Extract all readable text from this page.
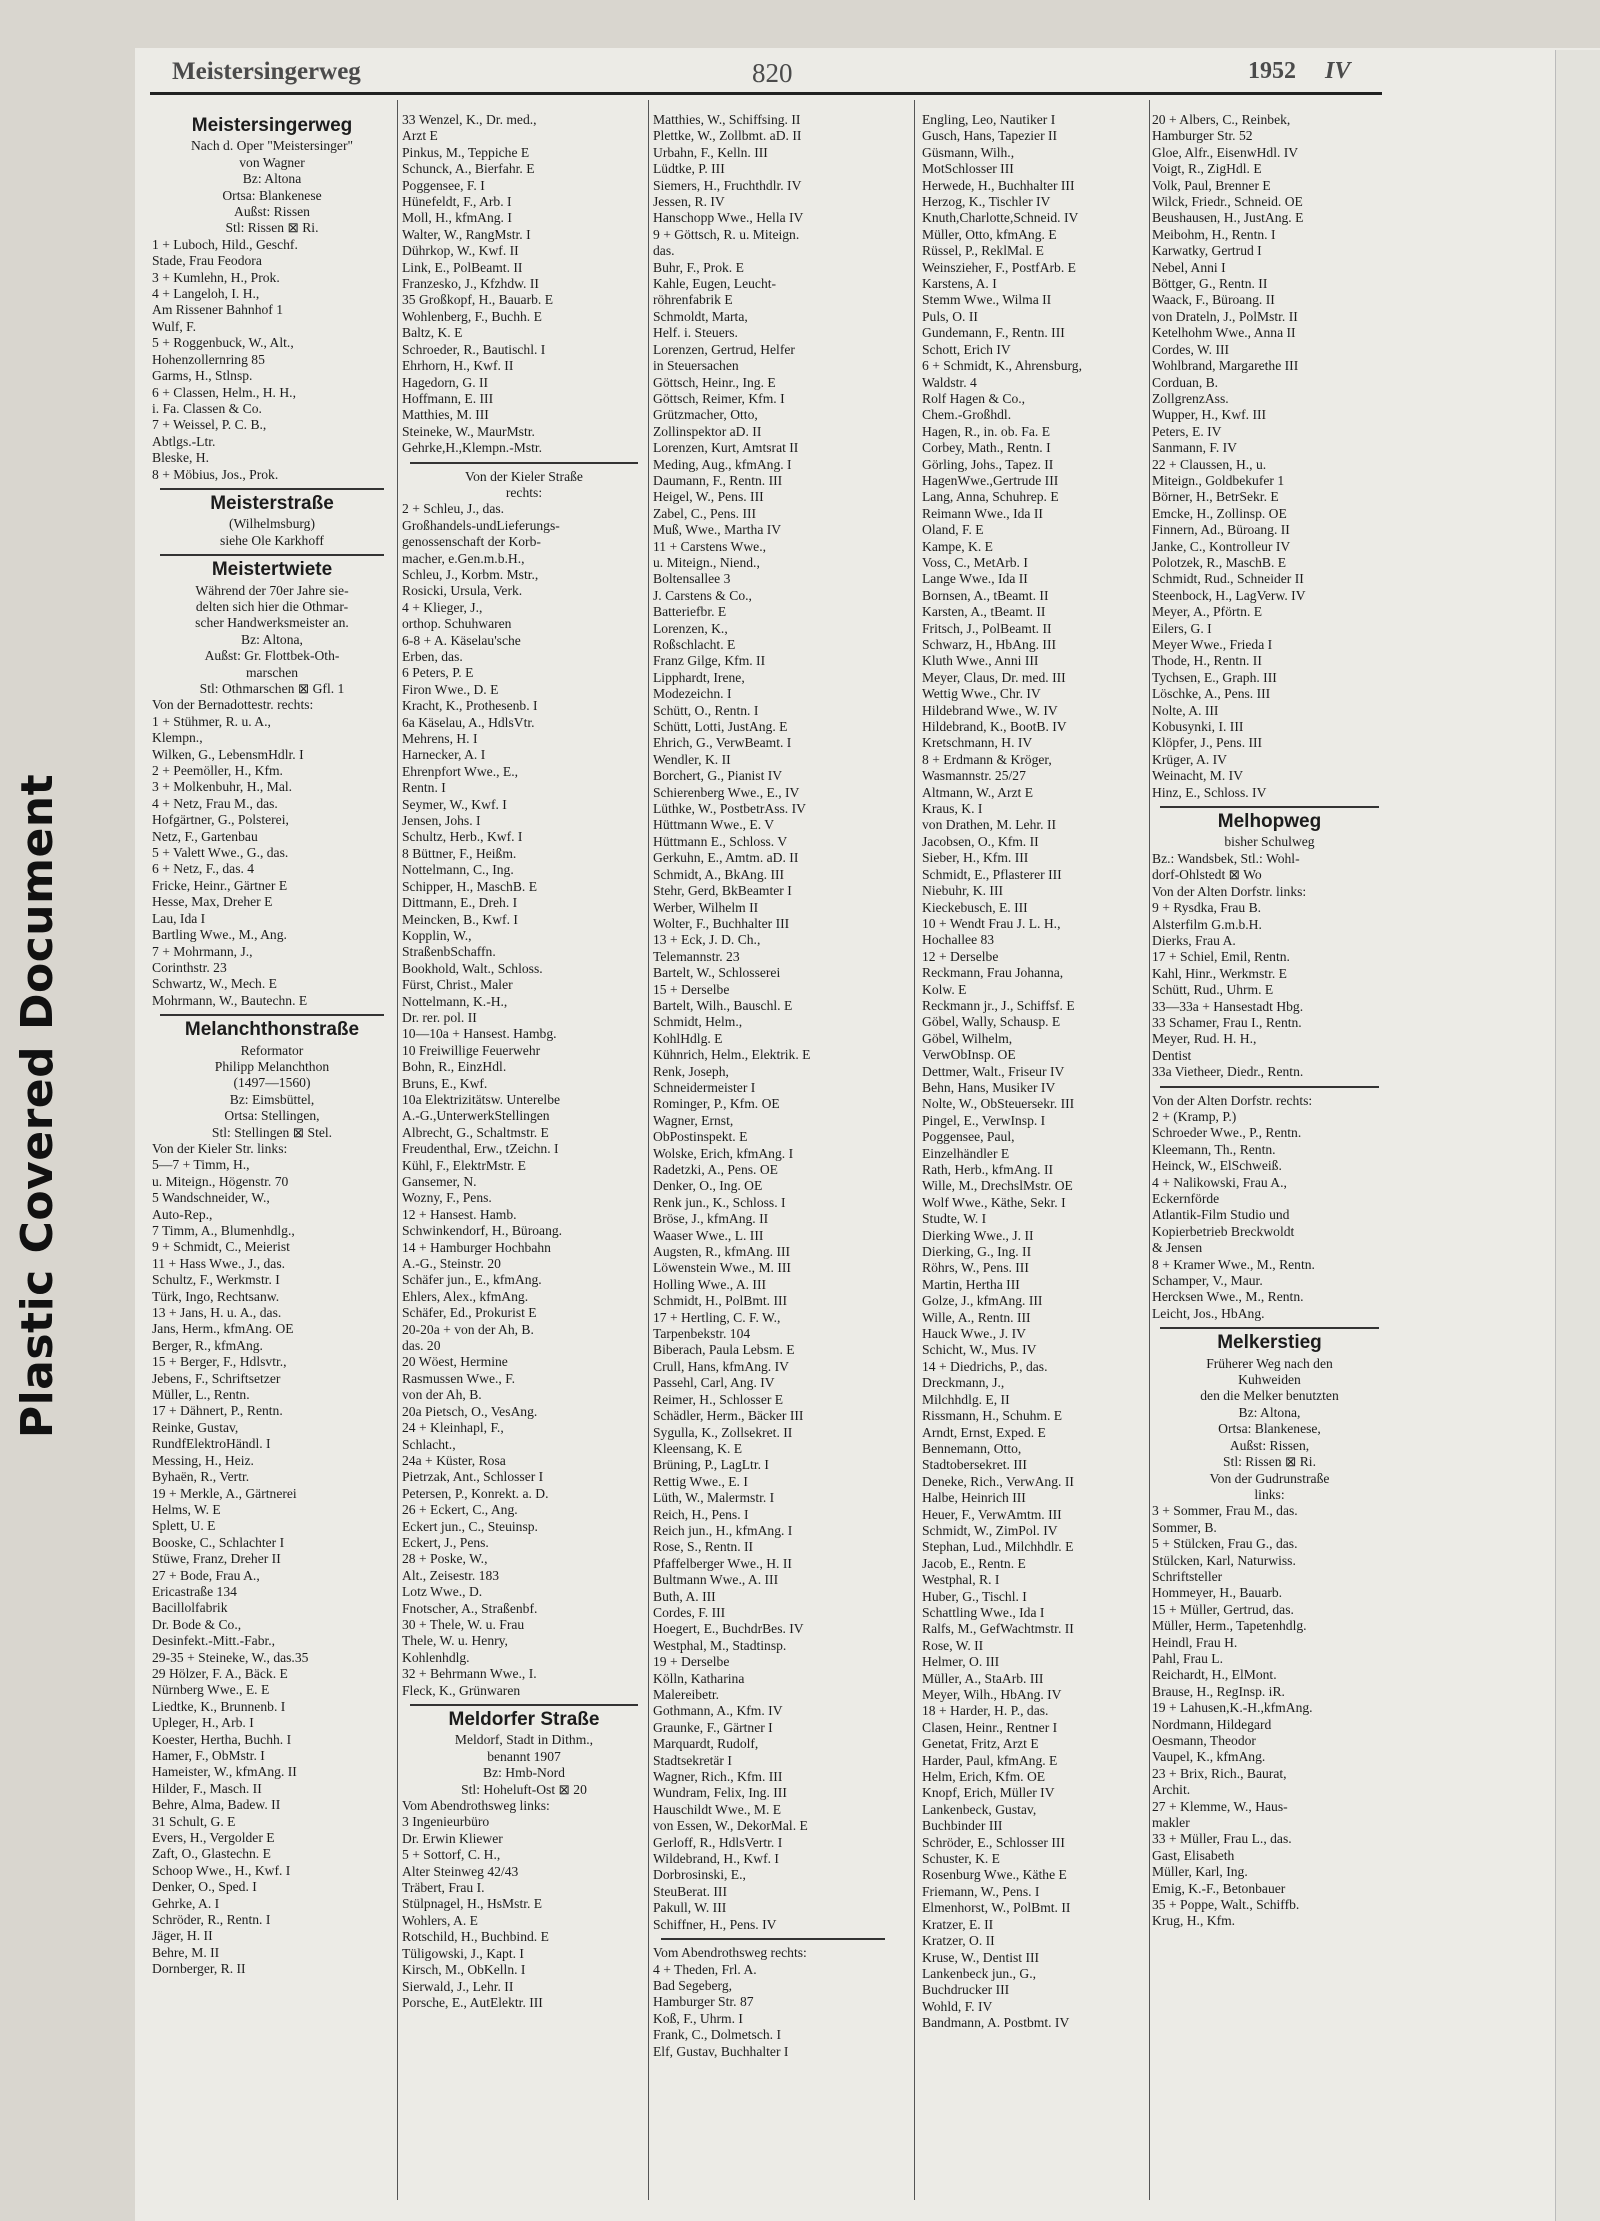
Plastic Covered Document
Meistersingerweg	820	1952 IV
Meistersingerweg
Nach d. Oper "Meistersinger"
von Wagner
Bz: Altona
Ortsa: Blankenese
Außst: Rissen
Stl: Rissen ⊠ Ri.
1 + Luboch, Hild., Geschf.
Stade, Frau Feodora
3 + Kumlehn, H., Prok.
4 + Langeloh, I. H.,
Am Rissener Bahnhof 1
Wulf, F.
5 + Roggenbuck, W., Alt.,
Hohenzollernring 85
Garms, H., Stlnsp.
6 + Classen, Helm., H. H.,
i. Fa. Classen & Co.
7 + Weissel, P. C. B.,
Abtlgs.-Ltr.
Bleske, H.
8 + Möbius, Jos., Prok.
Meisterstraße
(Wilhelmsburg)
siehe Ole Karkhoff
Meistertwiete
Während der 70er Jahre sie-
delten sich hier die Othmar-
scher Handwerksmeister an.
Bz: Altona,
Außst: Gr. Flottbek-Oth-
marschen
Stl: Othmarschen ⊠ Gfl. 1
Von der Bernadottestr. rechts:
1 + Stühmer, R. u. A.,
Klempn.,
Wilken, G., LebensmHdlr. I
2 + Peemöller, H., Kfm.
3 + Molkenbuhr, H., Mal.
4 + Netz, Frau M., das.
Hofgärtner, G., Polsterei,
Netz, F., Gartenbau
5 + Valett Wwe., G., das.
6 + Netz, F., das. 4
Fricke, Heinr., Gärtner E
Hesse, Max, Dreher E
Lau, Ida I
Bartling Wwe., M., Ang.
7 + Mohrmann, J.,
Corinthstr. 23
Schwartz, W., Mech. E
Mohrmann, W., Bautechn. E
Melanchthonstraße
Reformator
Philipp Melanchthon
(1497—1560)
Bz: Eimsbüttel,
Ortsa: Stellingen,
Stl: Stellingen ⊠ Stel.
Von der Kieler Str. links:
5—7 + Timm, H.,
u. Miteign., Högenstr. 70
5 Wandschneider, W.,
Auto-Rep.,
7 Timm, A., Blumenhdlg.,
9 + Schmidt, C., Meierist
11 + Hass Wwe., J., das.
Schultz, F., Werkmstr. I
Türk, Ingo, Rechtsanw.
13 + Jans, H. u. A., das.
Jans, Herm., kfmAng. OE
Berger, R., kfmAng.
15 + Berger, F., Hdlsvtr.,
Jebens, F., Schriftsetzer
Müller, L., Rentn.
17 + Dähnert, P., Rentn.
Reinke, Gustav,
RundfElektroHändl. I
Messing, H., Heiz.
Byhaën, R., Vertr.
19 + Merkle, A., Gärtnerei
Helms, W. E
Splett, U. E
Booske, C., Schlachter I
Stüwe, Franz, Dreher II
27 + Bode, Frau A.,
Ericastraße 134
Bacillolfabrik
Dr. Bode & Co.,
Desinfekt.-Mitt.-Fabr.,
29-35 + Steineke, W., das.35
29 Hölzer, F. A., Bäck. E
Nürnberg Wwe., E. E
Liedtke, K., Brunnenb. I
Upleger, H., Arb. I
Koester, Hertha, Buchh. I
Hamer, F., ObMstr. I
Hameister, W., kfmAng. II
Hilder, F., Masch. II
Behre, Alma, Badew. II
31 Schult, G. E
Evers, H., Vergolder E
Zaft, O., Glastechn. E
Schoop Wwe., H., Kwf. I
Denker, O., Sped. I
Gehrke, A. I
Schröder, R., Rentn. I
Jäger, H. II
Behre, M. II
Dornberger, R. II
33 Wenzel, K., Dr. med.,
Arzt E
Pinkus, M., Teppiche E
Schunck, A., Bierfahr. E
Poggensee, F. I
Hünefeldt, F., Arb. I
Moll, H., kfmAng. I
Walter, W., RangMstr. I
Dührkop, W., Kwf. II
Link, E., PolBeamt. II
Franzesko, J., Kfzhdw. II
35 Großkopf, H., Bauarb. E
Wohlenberg, F., Buchh. E
Baltz, K. E
Schroeder, R., Bautischl. I
Ehrhorn, H., Kwf. II
Hagedorn, G. II
Hoffmann, E. III
Matthies, M. III
Steineke, W., MaurMstr.
Gehrke,H.,Klempn.-Mstr.
Von der Kieler Straße
rechts:
2 + Schleu, J., das.
Großhandels-undLieferungs-
genossenschaft der Korb-
macher, e.Gen.m.b.H.,
Schleu, J., Korbm. Mstr.,
Rosicki, Ursula, Verk.
4 + Klieger, J.,
orthop. Schuhwaren
6-8 + A. Käselau'sche
Erben, das.
6 Peters, P. E
Firon Wwe., D. E
Kracht, K., Prothesenb. I
6a Käselau, A., HdlsVtr.
Mehrens, H. I
Harnecker, A. I
Ehrenpfort Wwe., E.,
Rentn. I
Seymer, W., Kwf. I
Jensen, Johs. I
Schultz, Herb., Kwf. I
8 Büttner, F., Heißm.
Nottelmann, C., Ing.
Schipper, H., MaschB. E
Dittmann, E., Dreh. I
Meincken, B., Kwf. I
Kopplin, W.,
StraßenbSchaffn.
Bookhold, Walt., Schloss.
Fürst, Christ., Maler
Nottelmann, K.-H.,
Dr. rer. pol. II
10—10a + Hansest. Hambg.
10 Freiwillige Feuerwehr
Bohn, R., EinzHdl.
Bruns, E., Kwf.
10a Elektrizitätsw. Unterelbe
A.-G.,UnterwerkStellingen
Albrecht, G., Schaltmstr. E
Freudenthal, Erw., tZeichn. I
Kühl, F., ElektrMstr. E
Gansemer, N.
Wozny, F., Pens.
12 + Hansest. Hamb.
Schwinkendorf, H., Büroang.
14 + Hamburger Hochbahn
A.-G., Steinstr. 20
Schäfer jun., E., kfmAng.
Ehlers, Alex., kfmAng.
Schäfer, Ed., Prokurist E
20-20a + von der Ah, B.
das. 20
20 Wöest, Hermine
Rasmussen Wwe., F.
von der Ah, B.
20a Pietsch, O., VesAng.
24 + Kleinhapl, F.,
Schlacht.,
24a + Küster, Rosa
Pietrzak, Ant., Schlosser I
Petersen, P., Konrekt. a. D.
26 + Eckert, C., Ang.
Eckert jun., C., Steuinsp.
Eckert, J., Pens.
28 + Poske, W.,
Alt., Zeisestr. 183
Lotz Wwe., D.
Fnotscher, A., Straßenbf.
30 + Thele, W. u. Frau
Thele, W. u. Henry,
Kohlenhdlg.
32 + Behrmann Wwe., I.
Fleck, K., Grünwaren
Meldorfer Straße
Meldorf, Stadt in Dithm.,
benannt 1907
Bz: Hmb-Nord
Stl: Hoheluft-Ost ⊠ 20
Vom Abendrothsweg links:
3 Ingenieurbüro
Dr. Erwin Kliewer
5 + Sottorf, C. H.,
Alter Steinweg 42/43
Träbert, Frau I.
Stülpnagel, H., HsMstr. E
Wohlers, A. E
Rotschild, H., Buchbind. E
Tüligowski, J., Kapt. I
Kirsch, M., ObKelln. I
Sierwald, J., Lehr. II
Porsche, E., AutElektr. III
Matthies, W., Schiffsing. II
Plettke, W., Zollbmt. aD. II
Urbahn, F., Kelln. III
Lüdtke, P. III
Siemers, H., Fruchthdlr. IV
Jessen, R. IV
Hanschopp Wwe., Hella IV
9 + Göttsch, R. u. Miteign.
das.
Buhr, F., Prok. E
Kahle, Eugen, Leucht-
röhrenfabrik E
Schmoldt, Marta,
Helf. i. Steuers.
Lorenzen, Gertrud, Helfer
in Steuersachen
Göttsch, Heinr., Ing. E
Göttsch, Reimer, Kfm. I
Grützmacher, Otto,
Zollinspektor aD. II
Lorenzen, Kurt, Amtsrat II
Meding, Aug., kfmAng. I
Daumann, F., Rentn. III
Heigel, W., Pens. III
Zabel, C., Pens. III
Muß, Wwe., Martha IV
11 + Carstens Wwe.,
u. Miteign., Niend.,
Boltensallee 3
J. Carstens & Co.,
Batteriefbr. E
Lorenzen, K.,
Roßschlacht. E
Franz Gilge, Kfm. II
Lipphardt, Irene,
Modezeichn. I
Schütt, O., Rentn. I
Schütt, Lotti, JustAng. E
Ehrich, G., VerwBeamt. I
Wendler, K. II
Borchert, G., Pianist IV
Schierenberg Wwe., E., IV
Lüthke, W., PostbetrAss. IV
Hüttmann Wwe., E. V
Hüttmann E., Schloss. V
Gerkuhn, E., Amtm. aD. II
Schmidt, A., BkAng. III
Stehr, Gerd, BkBeamter I
Werber, Wilhelm II
Wolter, F., Buchhalter III
13 + Eck, J. D. Ch.,
Telemannstr. 23
Bartelt, W., Schlosserei
15 + Derselbe
Bartelt, Wilh., Bauschl. E
Schmidt, Helm.,
KohlHdlg. E
Kühnrich, Helm., Elektrik. E
Renk, Joseph,
Schneidermeister I
Rominger, P., Kfm. OE
Wagner, Ernst,
ObPostinspekt. E
Wolske, Erich, kfmAng. I
Radetzki, A., Pens. OE
Denker, O., Ing. OE
Renk jun., K., Schloss. I
Bröse, J., kfmAng. II
Waaser Wwe., L. III
Augsten, R., kfmAng. III
Löwenstein Wwe., M. III
Holling Wwe., A. III
Schmidt, H., PolBmt. III
17 + Hertling, C. F. W.,
Tarpenbekstr. 104
Biberach, Paula Lebsm. E
Crull, Hans, kfmAng. IV
Passehl, Carl, Ang. IV
Reimer, H., Schlosser E
Schädler, Herm., Bäcker III
Sygulla, K., Zollsekret. II
Kleensang, K. E
Brüning, P., LagLtr. I
Rettig Wwe., E. I
Lüth, W., Malermstr. I
Reich, H., Pens. I
Reich jun., H., kfmAng. I
Rose, S., Rentn. II
Pfaffelberger Wwe., H. II
Bultmann Wwe., A. III
Buth, A. III
Cordes, F. III
Hoegert, E., BuchdrBes. IV
Westphal, M., Stadtinsp.
19 + Derselbe
Kölln, Katharina
Malereibetr.
Gothmann, A., Kfm. IV
Graunke, F., Gärtner I
Marquardt, Rudolf,
Stadtsekretär I
Wagner, Rich., Kfm. III
Wundram, Felix, Ing. III
Hauschildt Wwe., M. E
von Essen, W., DekorMal. E
Gerloff, R., HdlsVertr. I
Wildebrand, H., Kwf. I
Dorbrosinski, E.,
SteuBerat. III
Pakull, W. III
Schiffner, H., Pens. IV
Vom Abendrothsweg rechts:
4 + Theden, Frl. A.
Bad Segeberg,
Hamburger Str. 87
Koß, F., Uhrm. I
Frank, C., Dolmetsch. I
Elf, Gustav, Buchhalter I
Engling, Leo, Nautiker I
Gusch, Hans, Tapezier II
Güsmann, Wilh.,
MotSchlosser III
Herwede, H., Buchhalter III
Herzog, K., Tischler IV
Knuth,Charlotte,Schneid. IV
Müller, Otto, kfmAng. E
Rüssel, P., ReklMal. E
Weinszieher, F., PostfArb. E
Karstens, A. I
Stemm Wwe., Wilma II
Puls, O. II
Gundemann, F., Rentn. III
Schott, Erich IV
6 + Schmidt, K., Ahrensburg,
Waldstr. 4
Rolf Hagen & Co.,
Chem.-Großhdl.
Hagen, R., in. ob. Fa. E
Corbey, Math., Rentn. I
Görling, Johs., Tapez. II
HagenWwe.,Gertrude III
Lang, Anna, Schuhrep. E
Reimann Wwe., Ida II
Oland, F. E
Kampe, K. E
Voss, C., MetArb. I
Lange Wwe., Ida II
Bornsen, A., tBeamt. II
Karsten, A., tBeamt. II
Fritsch, J., PolBeamt. II
Schwarz, H., HbAng. III
Kluth Wwe., Anni III
Meyer, Claus, Dr. med. III
Wettig Wwe., Chr. IV
Hildebrand Wwe., W. IV
Hildebrand, K., BootB. IV
Kretschmann, H. IV
8 + Erdmann & Kröger,
Wasmannstr. 25/27
Altmann, W., Arzt E
Kraus, K. I
von Drathen, M. Lehr. II
Jacobsen, O., Kfm. II
Sieber, H., Kfm. III
Schmidt, E., Pflasterer III
Niebuhr, K. III
Kieckebusch, E. III
10 + Wendt Frau J. L. H.,
Hochallee 83
12 + Derselbe
Reckmann, Frau Johanna,
Kolw. E
Reckmann jr., J., Schiffsf. E
Göbel, Wally, Schausp. E
Göbel, Wilhelm,
VerwObInsp. OE
Dettmer, Walt., Friseur IV
Behn, Hans, Musiker IV
Nolte, W., ObSteuersekr. III
Pingel, E., VerwInsp. I
Poggensee, Paul,
Einzelhändler E
Rath, Herb., kfmAng. II
Wille, M., DrechslMstr. OE
Wolf Wwe., Käthe, Sekr. I
Studte, W. I
Dierking Wwe., J. II
Dierking, G., Ing. II
Röhrs, W., Pens. III
Martin, Hertha III
Golze, J., kfmAng. III
Wille, A., Rentn. III
Hauck Wwe., J. IV
Schicht, W., Mus. IV
14 + Diedrichs, P., das.
Dreckmann, J.,
Milchhdlg. E, II
Rissmann, H., Schuhm. E
Arndt, Ernst, Exped. E
Bennemann, Otto,
Stadtobersekret. III
Deneke, Rich., VerwAng. II
Halbe, Heinrich III
Heuer, F., VerwAmtm. III
Schmidt, W., ZimPol. IV
Stephan, Lud., Milchhdlr. E
Jacob, E., Rentn. E
Westphal, R. I
Huber, G., Tischl. I
Schattling Wwe., Ida I
Ralfs, M., GefWachtmstr. II
Rose, W. II
Helmer, O. III
Müller, A., StaArb. III
Meyer, Wilh., HbAng. IV
18 + Harder, H. P., das.
Clasen, Heinr., Rentner I
Genetat, Fritz, Arzt E
Harder, Paul, kfmAng. E
Helm, Erich, Kfm. OE
Knopf, Erich, Müller IV
Lankenbeck, Gustav,
Buchbinder III
Schröder, E., Schlosser III
Schuster, K. E
Rosenburg Wwe., Käthe E
Friemann, W., Pens. I
Elmenhorst, W., PolBmt. II
Kratzer, E. II
Kratzer, O. II
Kruse, W., Dentist III
Lankenbeck jun., G.,
Buchdrucker III
Wohld, F. IV
Bandmann, A. Postbmt. IV
20 + Albers, C., Reinbek,
Hamburger Str. 52
Gloe, Alfr., EisenwHdl. IV
Voigt, R., ZigHdl. E
Volk, Paul, Brenner E
Wilck, Friedr., Schneid. OE
Beushausen, H., JustAng. E
Meibohm, H., Rentn. I
Karwatky, Gertrud I
Nebel, Anni I
Böttger, G., Rentn. II
Waack, F., Büroang. II
von Drateln, J., PolMstr. II
Ketelhohm Wwe., Anna II
Cordes, W. III
Wohlbrand, Margarethe III
Corduan, B.
ZollgrenzAss.
Wupper, H., Kwf. III
Peters, E. IV
Sanmann, F. IV
22 + Claussen, H., u.
Miteign., Goldbekufer 1
Börner, H., BetrSekr. E
Emcke, H., Zollinsp. OE
Finnern, Ad., Büroang. II
Janke, C., Kontrolleur IV
Polotzek, R., MaschB. E
Schmidt, Rud., Schneider II
Steenbock, H., LagVerw. IV
Meyer, A., Pförtn. E
Eilers, G. I
Meyer Wwe., Frieda I
Thode, H., Rentn. II
Tychsen, E., Graph. III
Löschke, A., Pens. III
Nolte, A. III
Kobusynki, I. III
Klöpfer, J., Pens. III
Krüger, A. IV
Weinacht, M. IV
Hinz, E., Schloss. IV
Melhopweg
bisher Schulweg
Bz.: Wandsbek, Stl.: Wohl-
dorf-Ohlstedt ⊠ Wo
Von der Alten Dorfstr. links:
9 + Rysdka, Frau B.
Alsterfilm G.m.b.H.
Dierks, Frau A.
17 + Schiel, Emil, Rentn.
Kahl, Hinr., Werkmstr. E
Schütt, Rud., Uhrm. E
33—33a + Hansestadt Hbg.
33 Schamer, Frau I., Rentn.
Meyer, Rud. H. H.,
Dentist
33a Vietheer, Diedr., Rentn.
Von der Alten Dorfstr. rechts:
2 + (Kramp, P.)
Schroeder Wwe., P., Rentn.
Kleemann, Th., Rentn.
Heinck, W., ElSchweiß.
4 + Nalikowski, Frau A.,
Eckernförde
Atlantik-Film Studio und
Kopierbetrieb Breckwoldt
& Jensen
8 + Kramer Wwe., M., Rentn.
Schamper, V., Maur.
Hercksen Wwe., M., Rentn.
Leicht, Jos., HbAng.
Melkerstieg
Früherer Weg nach den
Kuhweiden
den die Melker benutzten
Bz: Altona,
Ortsa: Blankenese,
Außst: Rissen,
Stl: Rissen ⊠ Ri.
Von der Gudrunstraße
links:
3 + Sommer, Frau M., das.
Sommer, B.
5 + Stülcken, Frau G., das.
Stülcken, Karl, Naturwiss.
Schriftsteller
Hommeyer, H., Bauarb.
15 + Müller, Gertrud, das.
Müller, Herm., Tapetenhdlg.
Heindl, Frau H.
Pahl, Frau L.
Reichardt, H., ElMont.
Brause, H., RegInsp. iR.
19 + Lahusen,K.-H.,kfmAng.
Nordmann, Hildegard
Oesmann, Theodor
Vaupel, K., kfmAng.
23 + Brix, Rich., Baurat,
Archit.
27 + Klemme, W., Haus-
makler
33 + Müller, Frau L., das.
Gast, Elisabeth
Müller, Karl, Ing.
Emig, K.-F., Betonbauer
35 + Poppe, Walt., Schiffb.
Krug, H., Kfm.
